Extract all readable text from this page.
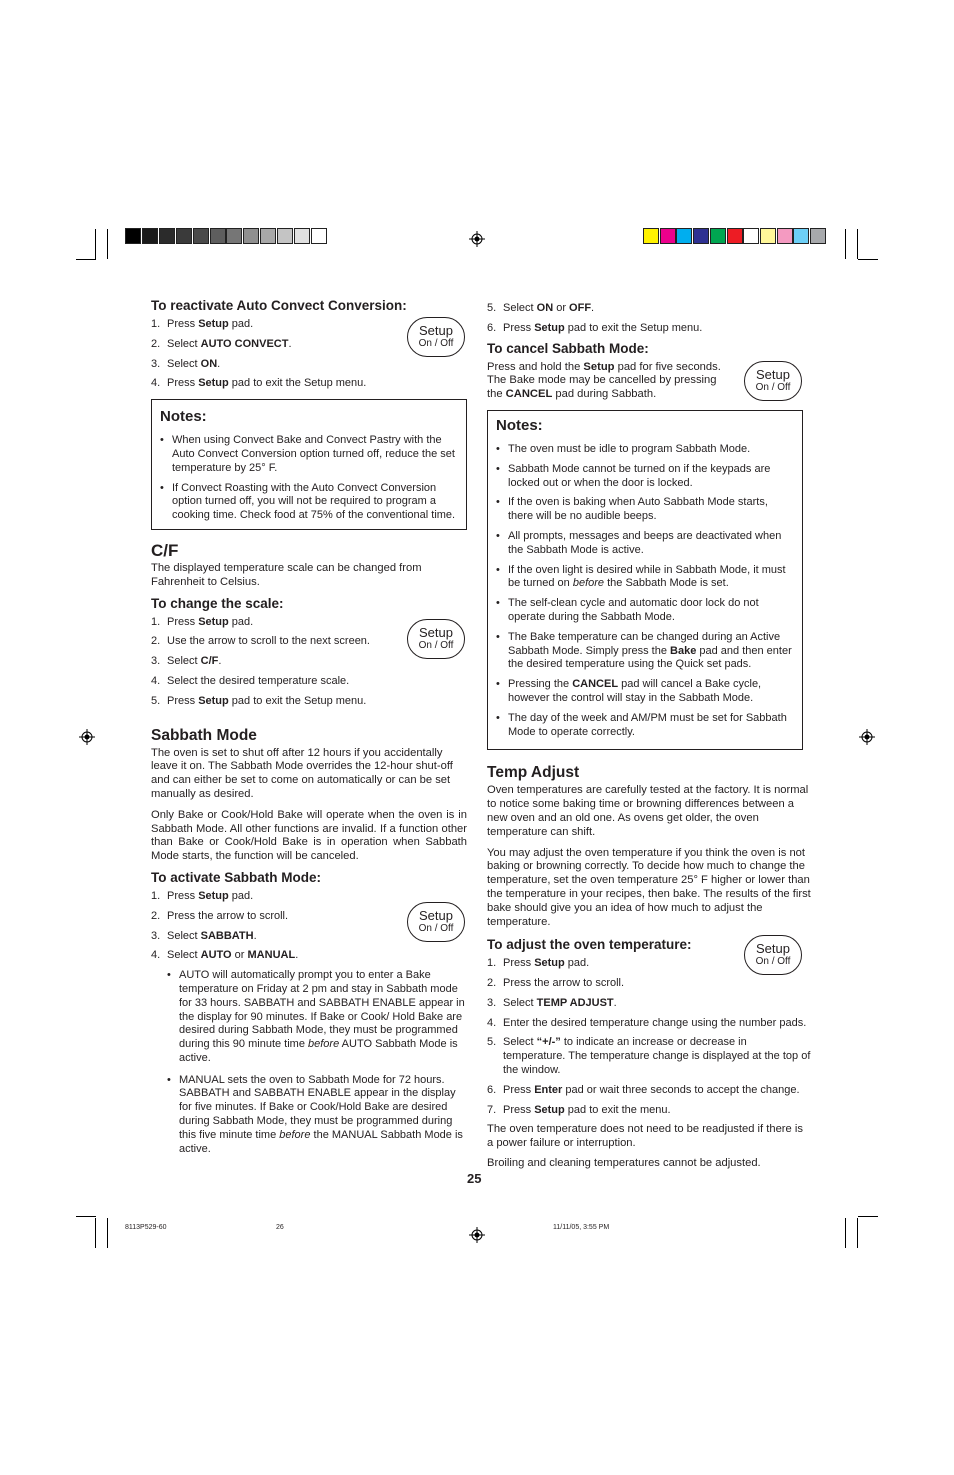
To reactivate Auto Convect Conversion:
1. Press Setup pad.
2. Select AUTO CONVECT.
3. Select ON.
4. Press Setup pad to exit the Setup menu.
Notes:
• When using Convect Bake and Convect Pastry with the Auto Convect Conversion option turned off, reduce the set temperature by 25° F.
• If Convect Roasting with the Auto Convect Conversion option turned off, you will not be required to program a cooking time. Check food at 75% of the conventional time.
C/F

The displayed temperature scale can be changed from Fahrenheit to Celsius.

To change the scale:
1. Press Setup pad.
2. Use the arrow to scroll to the next screen.
3. Select C/F.
4. Select the desired temperature scale.
5. Press Setup pad to exit the Setup menu.
Sabbath Mode

The oven is set to shut off after 12 hours if you accidentally leave it on. The Sabbath Mode overrides the 12-hour shut-off and can either be set to come on automatically or can be set manually as desired.

Only Bake or Cook/Hold Bake will operate when the oven is in Sabbath Mode. All other functions are invalid. If a function other than Bake or Cook/Hold Bake is in operation when Sabbath Mode starts, the function will be canceled.

To activate Sabbath Mode:
1. Press Setup pad.
2. Press the arrow to scroll.
3. Select SABBATH.
4. Select AUTO or MANUAL.
• AUTO will automatically prompt you to enter a Bake temperature on Friday at 2 pm and stay in Sabbath mode for 33 hours. SABBATH and SABBATH ENABLE appear in the display for 90 minutes. If Bake or Cook/ Hold Bake are desired during Sabbath Mode, they must be programmed during this 90 minute time before AUTO Sabbath Mode is active.
• MANUAL sets the oven to Sabbath Mode for 72 hours. SABBATH and SABBATH ENABLE appear in the display for five minutes. If Bake or Cook/Hold Bake are desired during Sabbath Mode, they must be programmed during this five minute time before the MANUAL Sabbath Mode is active.
Setup
On / Off
Setup
On / Off
Setup
On / Off
5. Select ON or OFF.
6. Press Setup pad to exit the Setup menu.
To cancel Sabbath Mode:

Press and hold the Setup pad for five seconds. The Bake mode may be cancelled by pressing the CANCEL pad during Sabbath.

Notes:
• The oven must be idle to program Sabbath Mode.
• Sabbath Mode cannot be turned on if the keypads are locked out or when the door is locked.
• If the oven is baking when Auto Sabbath Mode starts, there will be no audible beeps.
• All prompts, messages and beeps are deactivated when the Sabbath Mode is active.
• If the oven light is desired while in Sabbath Mode, it must be turned on before the Sabbath Mode is set.
• The self-clean cycle and automatic door lock do not operate during the Sabbath Mode.
• The Bake temperature can be changed during an Active Sabbath Mode. Simply press the Bake pad and then enter the desired temperature using the Quick set pads.
• Pressing the CANCEL pad will cancel a Bake cycle, however the control will stay in the Sabbath Mode.
• The day of the week and AM/PM must be set for Sabbath Mode to operate correctly.
Temp Adjust

Oven temperatures are carefully tested at the factory. It is normal to notice some baking time or browning differences between a new oven and an old one. As ovens get older, the oven temperature can shift.

You may adjust the oven temperature if you think the oven is not baking or browning correctly. To decide how much to change the temperature, set the oven temperature 25° F higher or lower than the temperature in your recipes, then bake. The results of the first bake should give you an idea of how much to adjust the temperature.

To adjust the oven temperature:
1. Press Setup pad.
2. Press the arrow to scroll.
3. Select TEMP ADJUST.
4. Enter the desired temperature change using the number pads.
5. Select “+/-” to indicate an increase or decrease in temperature. The temperature change is displayed at the top of the window.
6. Press Enter pad or wait three seconds to accept the change.
7. Press Setup pad to exit the menu.

The oven temperature does not need to be readjusted if there is a power failure or interruption.

Broiling and cleaning temperatures cannot be adjusted.

Setup
On / Off
Setup
On / Off
25
8113P529-60	26	11/11/05, 3:55 PM
